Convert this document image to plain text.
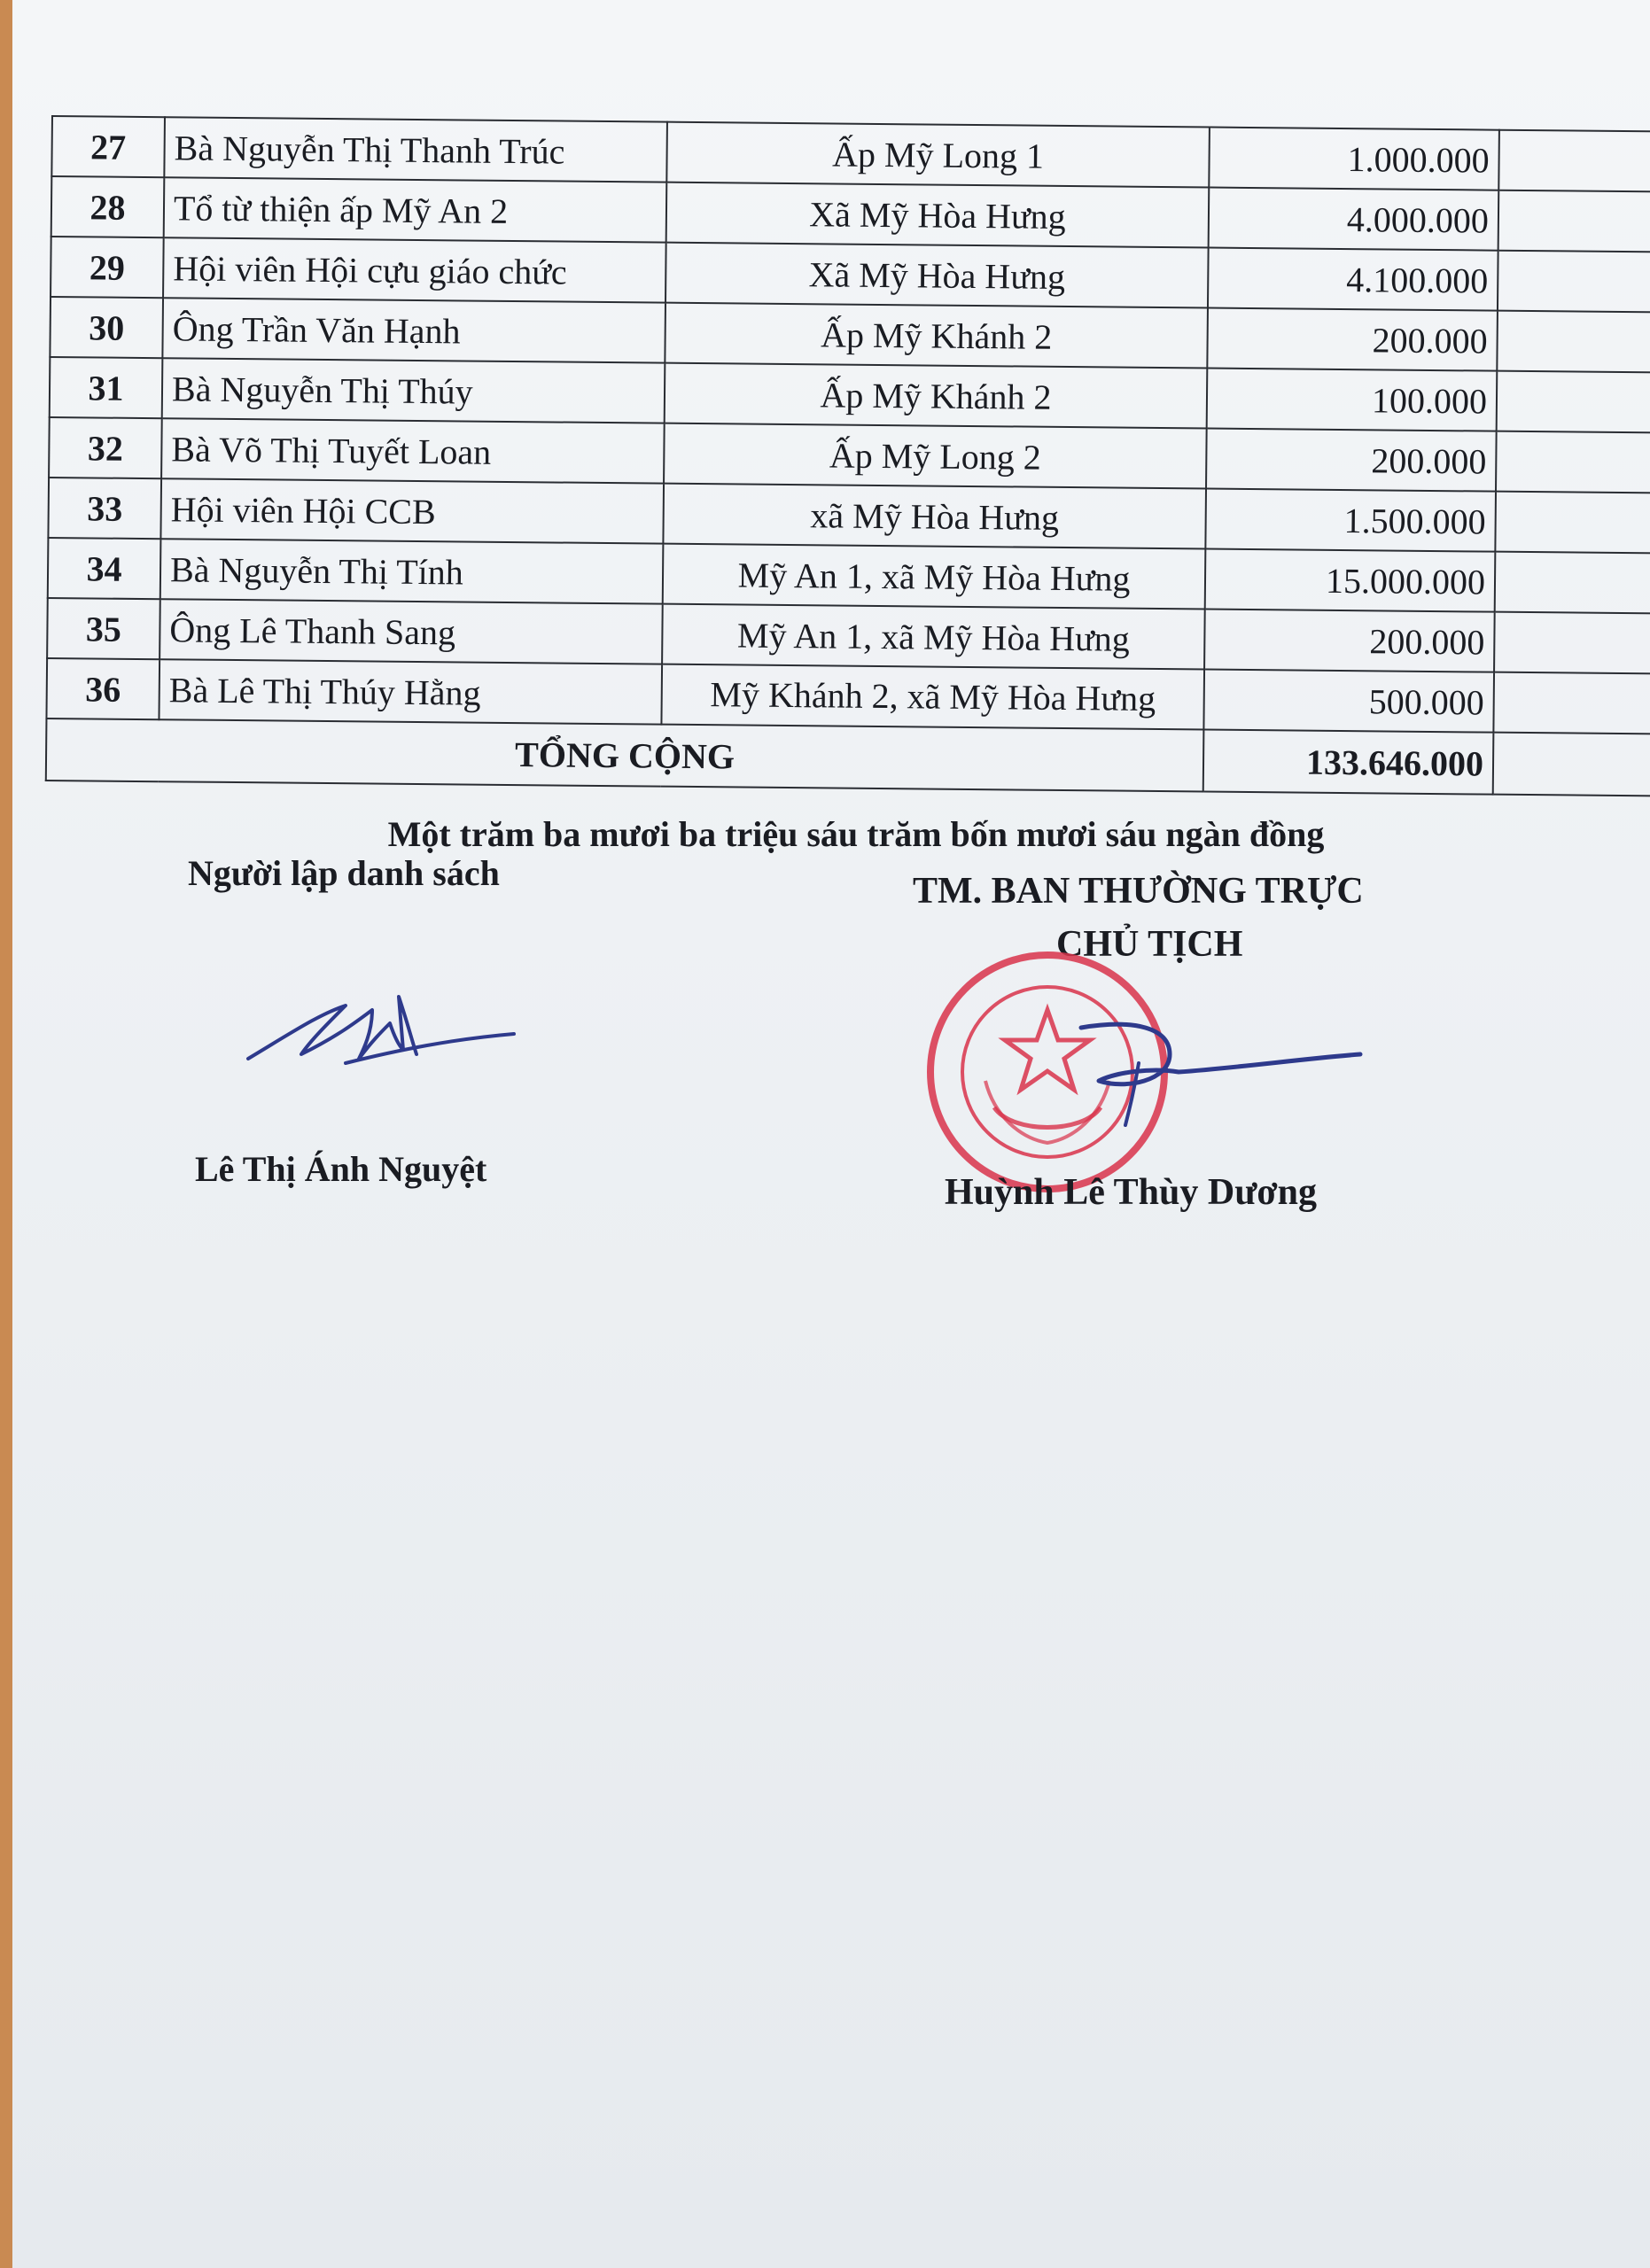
27	Bà Nguyễn Thị Thanh Trúc	Ấp Mỹ Long 1	1.000.000	
28	Tổ từ thiện ấp Mỹ An 2	Xã Mỹ Hòa Hưng	4.000.000	
29	Hội viên Hội cựu giáo chức	Xã Mỹ Hòa Hưng	4.100.000	
30	Ông Trần Văn Hạnh	Ấp Mỹ Khánh 2	200.000	
31	Bà Nguyễn Thị Thúy	Ấp Mỹ Khánh 2	100.000	
32	Bà Võ Thị Tuyết Loan	Ấp Mỹ Long 2	200.000	
33	Hội viên Hội CCB	xã Mỹ Hòa Hưng	1.500.000	
34	Bà Nguyễn Thị Tính	Mỹ An 1, xã Mỹ Hòa Hưng	15.000.000	
35	Ông Lê Thanh Sang	Mỹ An 1, xã Mỹ Hòa Hưng	200.000	
36	Bà Lê Thị Thúy Hằng	Mỹ Khánh 2, xã Mỹ Hòa Hưng	500.000	
TỔNG CỘNG			133.646.000	
Một trăm ba mươi ba triệu sáu trăm bốn mươi sáu ngàn đồng
Người lập danh sách	TM. BAN THƯỜNG TRỰC
CHỦ TỊCH
Lê Thị Ánh Nguyệt
Huỳnh Lê Thùy Dương
